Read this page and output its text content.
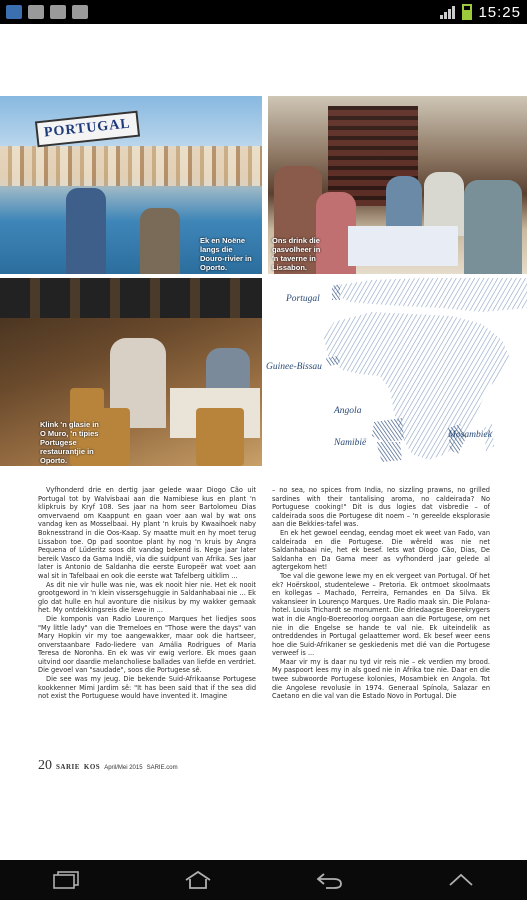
15:25
PORTUGAL
Ek en Noëne langs die Douro-rivier in Oporto.
Ons drink die gasvolheer in 'n taverne in Lissabon.
Klink 'n glasie in O Muro, 'n tipies Portugese restaurantjie in Oporto.
Portugal
Guinee-Bissau
Angola
Namibië
Mosambiek

Vyfhonderd drie en dertig jaar gelede waar Diogo Cão uit Portugal tot by Walvisbaai aan die Namibiese kus en plant 'n klipkruis by Kryf 108. Ses jaar na hom seer Bartolomeu Dias omvervaend om Kaappunt en gaan voer aan wal by wat ons vandag ken as Mosselbaai. Hy plant 'n kruis by Kwaaihoek naby Boknesstrand in die Oos-Kaap. Sy maatte muit en hy moet terug Lissabon toe. Op pad soontoe plant hy nog 'n kruis by Angra Pequena of Lüderitz soos dit vandag bekend is. Nege jaar later bereik Vasco da Gama Indië, via die suidpunt van Afrika. Ses jaar later is Antonio de Saldanha die eerste Europeër wat voet aan wal sit in Tafelbaai en ook die eerste wat Tafelberg uitklim ...

As dit nie vir hulle was nie, was ek nooit hier nie. Het ek nooit grootgeword in 'n klein vissersgehuggie in Saldanhabaai nie ... Ek glo dat hulle en hul avonture die nisikus by my wakker gemaak het. My ontdekkingsreis die lewe in ...

Die komponis van Radio Lourenço Marques het liedjes soos "My little lady" van die Tremeloes en "Those were the days" van Mary Hopkin vir my toe aangewakker, maar ook die hartseer, onverstaanbare Fado-liedere van Amália Rodrigues of Maria Teresa de Noronha. En ek was vir ewig verlore. Ek moes gaan uitvind oor daardie melancholiese ballades van liefde en verdriet. Die gevoel van "saudade", soos die Portugese sê.

Die see was my jeug. Die bekende Suid-Afrikaanse Portugese kookkenner Mimi Jardim sê: "It has been said that if the sea did not exist the Portuguese would have invented it. Imagine

– no sea, no spices from India, no sizzling prawns, no grilled sardines with their tantalising aroma, no caldeirada? No Portuguese cooking!" Dit is dus logies dat visbredie – of caldeirada soos die Portugese dit noem – 'n gereelde eksplorasie aan die Bekkies-tafel was.

En ek het gewoel eendag, eendag moet ek weet van Fado, van caldeirada en die Portugese. Die wêreld was nie net Saldanhabaai nie, het ek besef. Iets wat Diogo Cão, Dias, De Saldanha en Da Gama meer as vyfhonderd jaar gelede al agtergekom het!

Toe val die gewone lewe my en ek vergeet van Portugal. Of het ek? Hoërskool, studentelewe – Pretoria. Ek ontmoet skoolmaats en kollegas – Machado, Ferreira, Fernandes en Da Silva. Ek vakansieer in Lourenço Marques. Ure Radio maak sin. Die Polana-hotel. Louis Trichardt se monument. Die driedaagse Boerekrygers wat in die Anglo-Boereoorlog oorgaan aan die Portugese, om net nie in die Engelse se hande te val nie. Ek uiteindelik as ontreddendes in Portugal gelaattemer word. Ek besef weer eens hoe die Suid-Afrikaner se geskiedenis met dié van die Portugese verweef is ...

Maar vir my is daar nu tyd vir reis nie – ek verdien my brood. My paspoort lees my in als goed nie in Afrika toe nie. Daar en die twee subwoorde Portugese kolonies, Mosambiek en Angola. Tot die Angolese revolusie in 1974. Generaal Spínola, Salazar en Caetano en die val van die Estado Novo in Portugal. Die

20 SARIE KOS April/Mei 2015 SARIE.com
